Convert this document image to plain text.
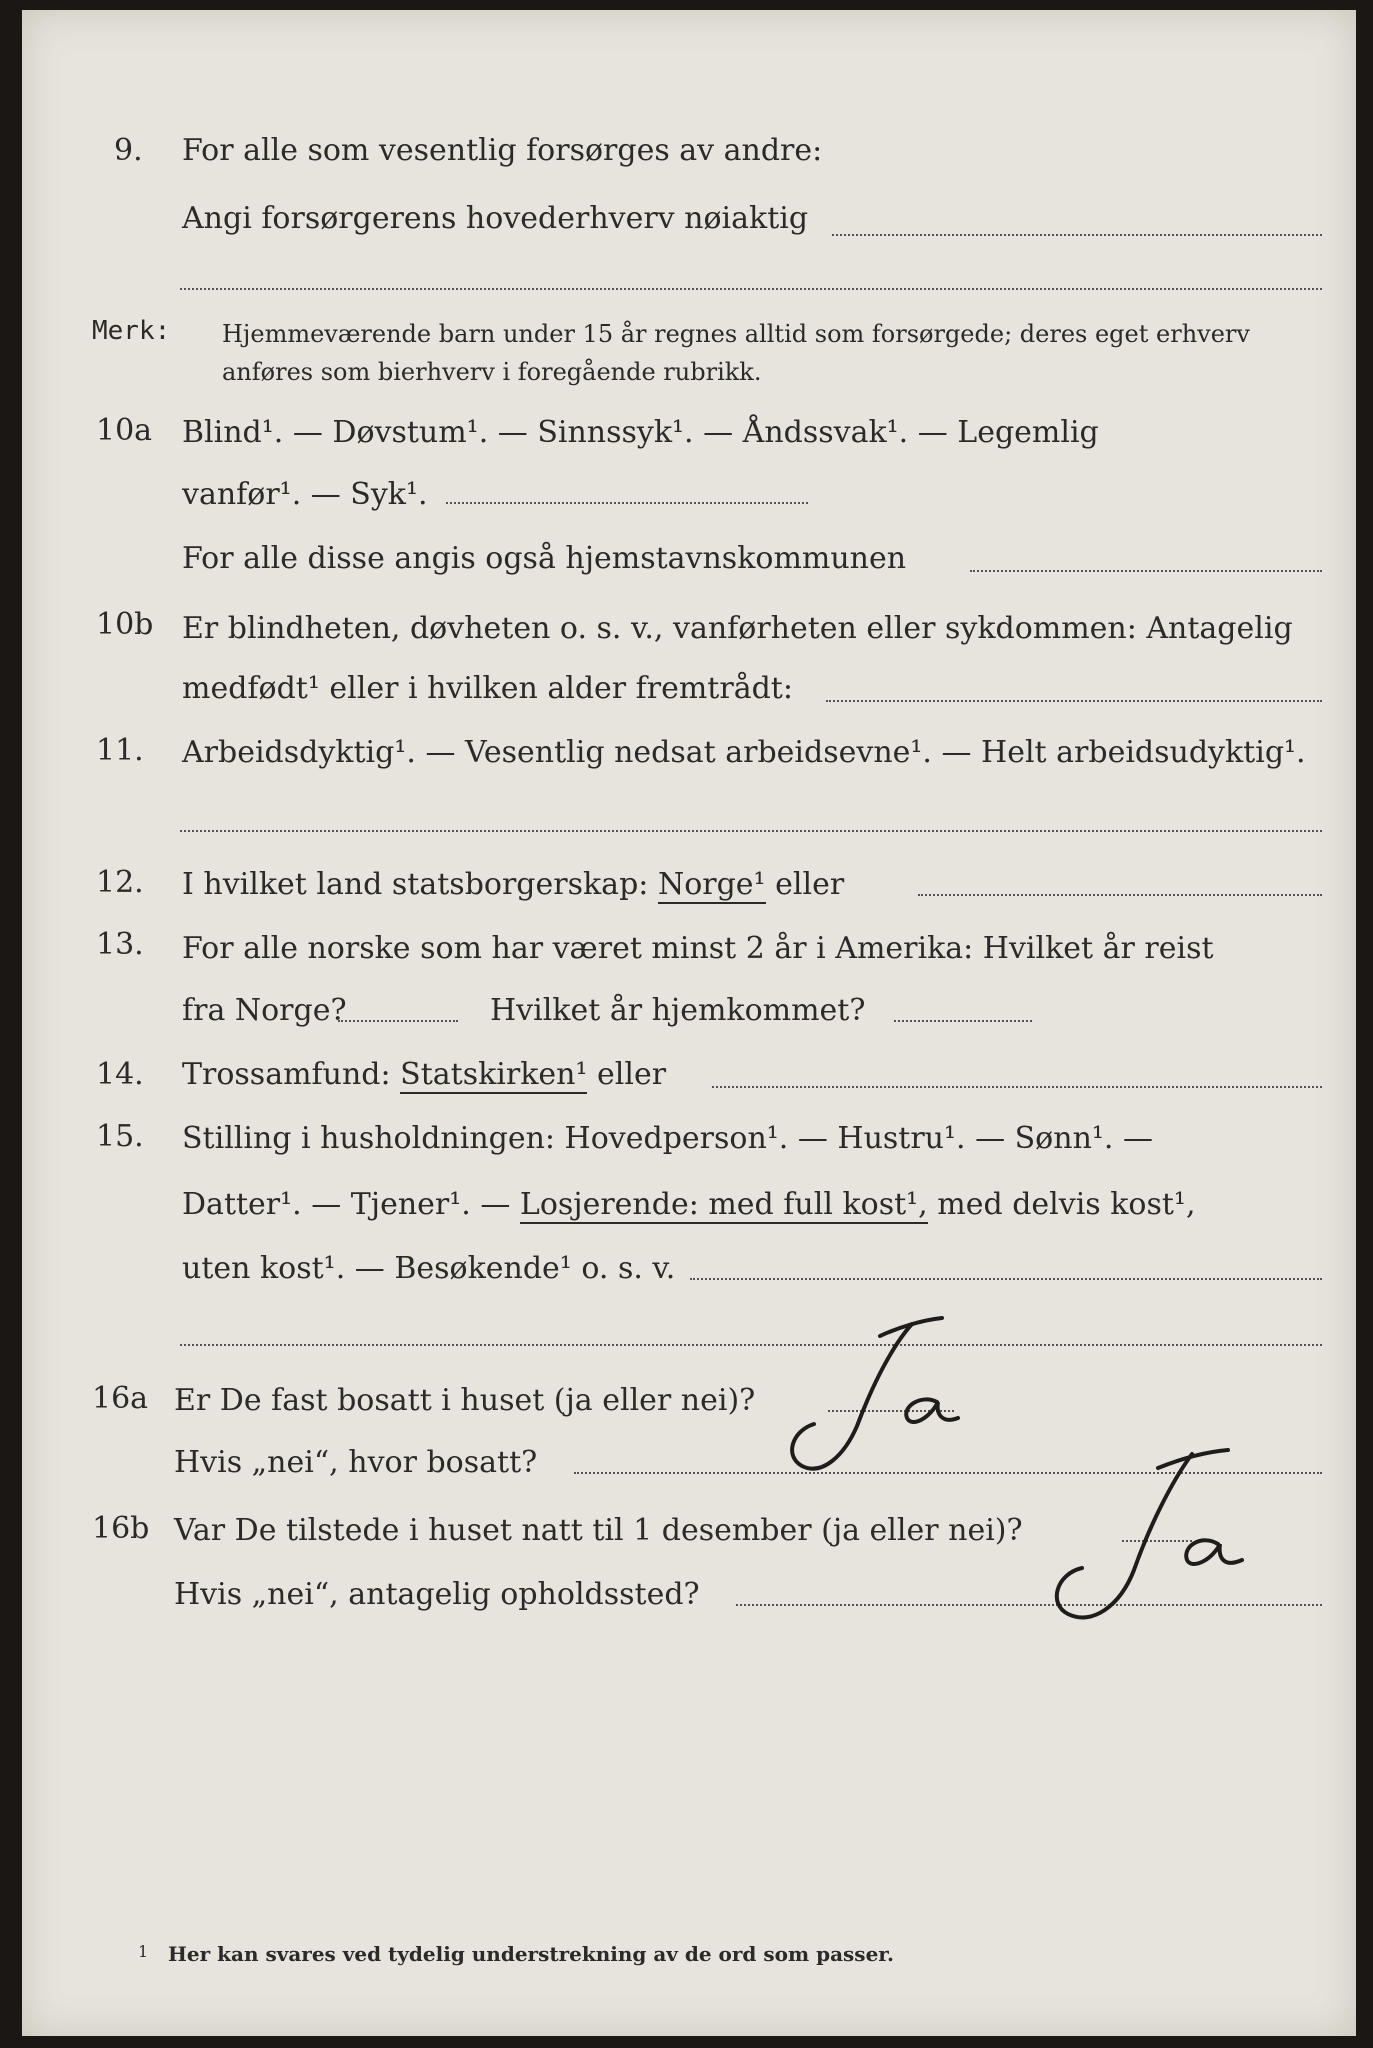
9. For alle som vesentlig forsørges av andre:
Angi forsørgerens hovederhverv nøiaktig
Merk: Hjemmeværende barn under 15 år regnes alltid som forsørgede; deres eget erhverv
anføres som bierhverv i foregående rubrikk.
10a Blind¹. — Døvstum¹. — Sinnssyk¹. — Åndssvak¹. — Legemlig
vanfør¹. — Syk¹.
For alle disse angis også hjemstavnskommunen
10b Er blindheten, døvheten o. s. v., vanførheten eller sykdommen: Antagelig
medfødt¹ eller i hvilken alder fremtrådt:
11. Arbeidsdyktig¹. — Vesentlig nedsat arbeidsevne¹. — Helt arbeidsudyktig¹.
12. I hvilket land statsborgerskap: Norge¹ eller
13. For alle norske som har været minst 2 år i Amerika: Hvilket år reist
fra Norge?	Hvilket år hjemkommet?
14. Trossamfund: Statskirken¹ eller
15. Stilling i husholdningen: Hovedperson¹. — Hustru¹. — Sønn¹. —
Datter¹. — Tjener¹. — Losjerende: med full kost¹, med delvis kost¹,
uten kost¹. — Besøkende¹ o. s. v.
16a Er De fast bosatt i huset (ja eller nei)?
Hvis „nei“, hvor bosatt?
16b Var De tilstede i huset natt til 1 desember (ja eller nei)?
Hvis „nei“, antagelig opholdssted?
1 Her kan svares ved tydelig understrekning av de ord som passer.
